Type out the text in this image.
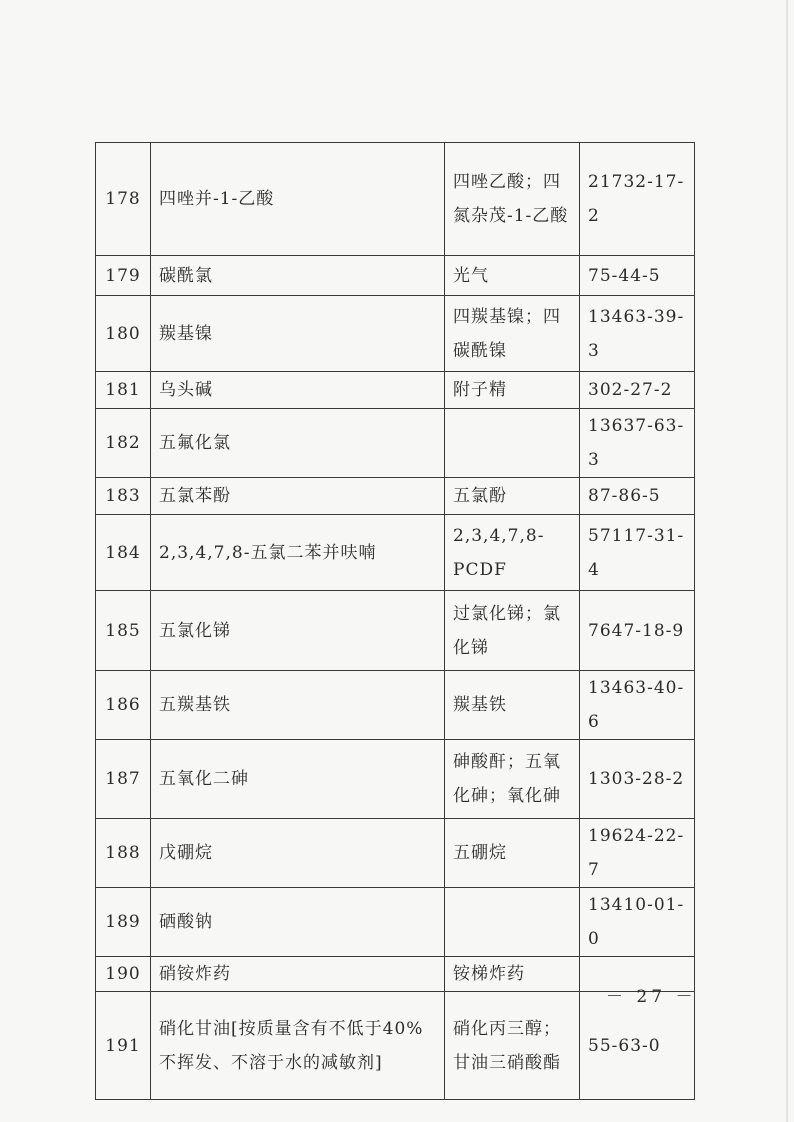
178	四唑并-1-乙酸	四唑乙酸；四氮杂茂-1-乙酸	21732-17-2
179	碳酰氯	光气	75-44-5
180	羰基镍	四羰基镍；四碳酰镍	13463-39-3
181	乌头碱	附子精	302-27-2
182	五氟化氯		13637-63-3
183	五氯苯酚	五氯酚	87-86-5
184	2,3,4,7,8-五氯二苯并呋喃	2,3,4,7,8-PCDF	57117-31-4
185	五氯化锑	过氯化锑；氯化锑	7647-18-9
186	五羰基铁	羰基铁	13463-40-6
187	五氧化二砷	砷酸酐；五氧化砷；氧化砷	1303-28-2
188	戊硼烷	五硼烷	19624-22-7
189	硒酸钠		13410-01-0
190	硝铵炸药	铵梯炸药	
191	硝化甘油[按质量含有不低于40%不挥发、不溶于水的减敏剂]	硝化丙三醇；甘油三硝酸酯	55-63-0
－ 27 －
